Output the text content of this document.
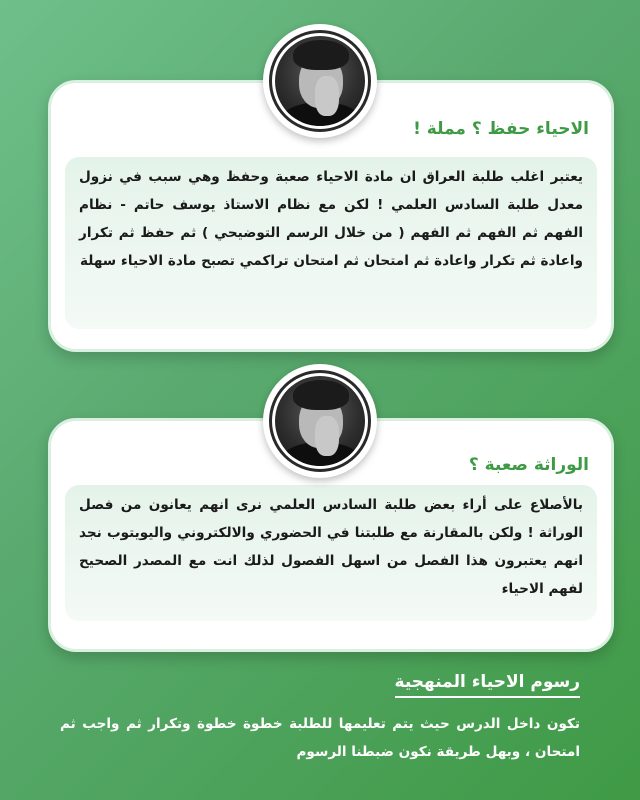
الاحياء حفظ ؟ مملة !

يعتبر اغلب طلبة العراق ان مادة الاحياء صعبة وحفظ وهي سبب في نزول معدل طلبة السادس العلمي ! لكن مع نظام الاستاذ يوسف حاتم - نظام الفهم ثم الفهم ثم الفهم ( من خلال الرسم التوضيحي ) ثم حفظ ثم تكرار واعادة ثم تكرار واعادة ثم امتحان ثم امتحان تراكمي تصبح مادة الاحياء سهلة

الوراثة صعبة ؟

بالأصلاع على أراء بعض طلبة السادس العلمي نرى انهم يعانون من فصل الوراثة ! ولكن بالمقارنة مع طلبتنا في الحضوري والالكتروني واليويتوب نجد انهم يعتبرون هذا الفصل من اسهل الفصول لذلك انت مع المصدر الصحيح لفهم الاحياء

رسوم الاحياء المنهجية

تكون داخل الدرس حيث يتم تعليمها للطلبة خطوة خطوة وتكرار ثم واجب ثم امتحان ، وبهل طريقة نكون ضبطنا الرسوم
